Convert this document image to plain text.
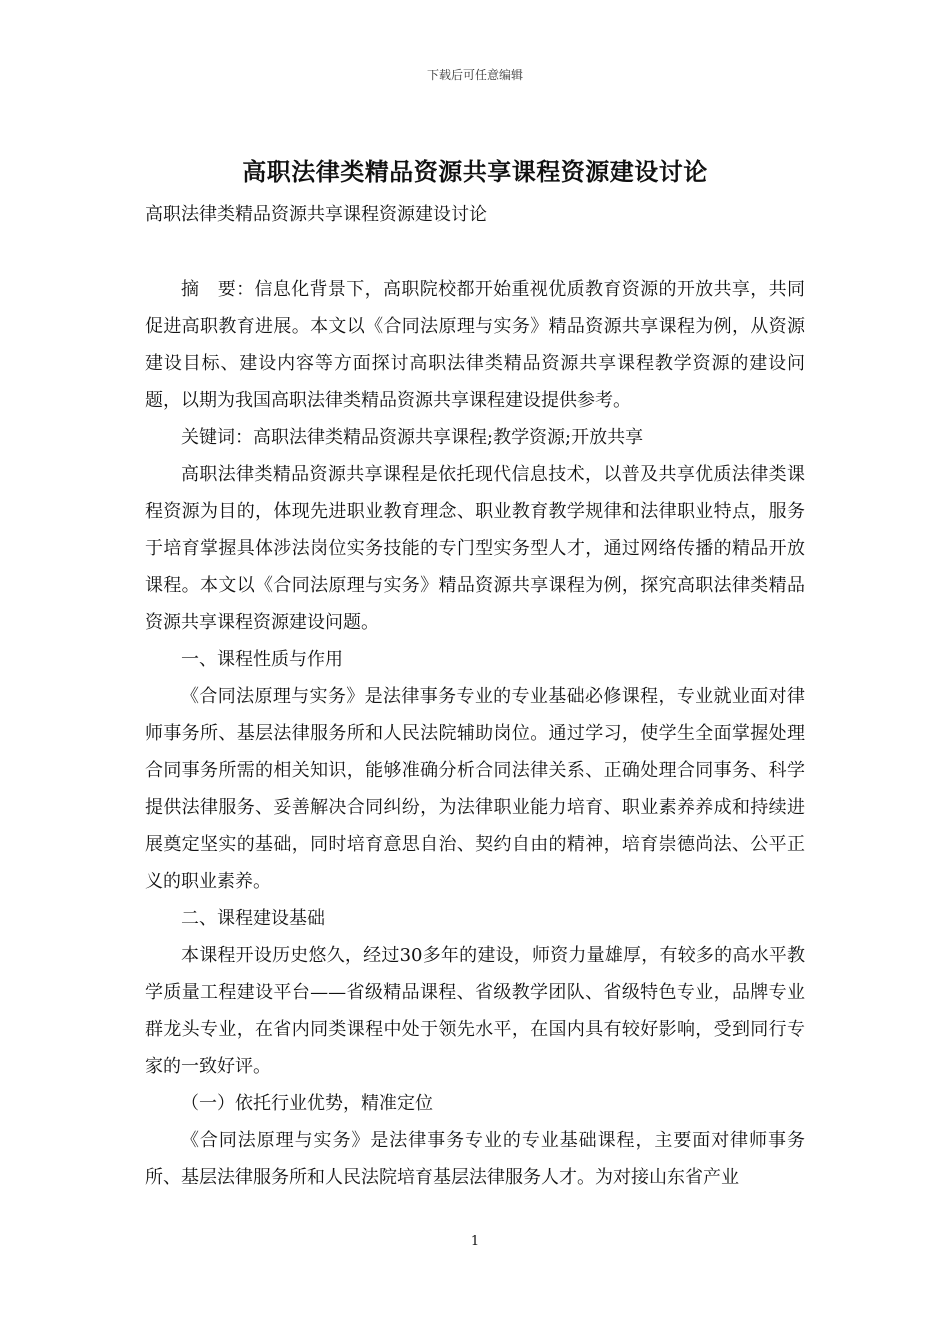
下载后可任意编辑
高职法律类精品资源共享课程资源建设讨论
高职法律类精品资源共享课程资源建设讨论

摘　要：信息化背景下，高职院校都开始重视优质教育资源的开放共享，共同促进高职教育进展。本文以《合同法原理与实务》精品资源共享课程为例，从资源建设目标、建设内容等方面探讨高职法律类精品资源共享课程教学资源的建设问题，以期为我国高职法律类精品资源共享课程建设提供参考。

关键词：高职法律类精品资源共享课程;教学资源;开放共享

高职法律类精品资源共享课程是依托现代信息技术，以普及共享优质法律类课程资源为目的，体现先进职业教育理念、职业教育教学规律和法律职业特点，服务于培育掌握具体涉法岗位实务技能的专门型实务型人才，通过网络传播的精品开放课程。本文以《合同法原理与实务》精品资源共享课程为例，探究高职法律类精品资源共享课程资源建设问题。

一、课程性质与作用

《合同法原理与实务》是法律事务专业的专业基础必修课程，专业就业面对律师事务所、基层法律服务所和人民法院辅助岗位。通过学习，使学生全面掌握处理合同事务所需的相关知识，能够准确分析合同法律关系、正确处理合同事务、科学提供法律服务、妥善解决合同纠纷，为法律职业能力培育、职业素养养成和持续进展奠定坚实的基础，同时培育意思自治、契约自由的精神，培育崇德尚法、公平正义的职业素养。

二、课程建设基础

本课程开设历史悠久，经过30多年的建设，师资力量雄厚，有较多的高水平教学质量工程建设平台——省级精品课程、省级教学团队、省级特色专业，品牌专业群龙头专业，在省内同类课程中处于领先水平，在国内具有较好影响，受到同行专家的一致好评。

（一）依托行业优势，精准定位

《合同法原理与实务》是法律事务专业的专业基础课程，主要面对律师事务所、基层法律服务所和人民法院培育基层法律服务人才。为对接山东省产业

1
